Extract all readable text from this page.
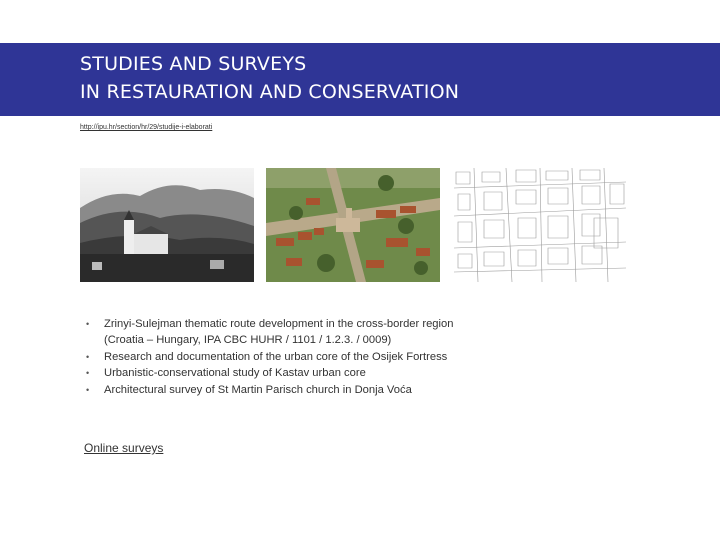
STUDIES AND SURVEYS
IN RESTAURATION AND CONSERVATION
http://ipu.hr/section/hr/29/studije-i-elaborati
•	Zrinyi-Sulejman thematic route development in the cross-border region
(Croatia – Hungary, IPA CBC HUHR / 1101 / 1.2.3. / 0009)
•	Research and documentation of the urban core of the Osijek Fortress
•	Urbanistic-conservational study of Kastav urban core
•	Architectural survey of St Martin Parisch church in Donja Voća
Online surveys
